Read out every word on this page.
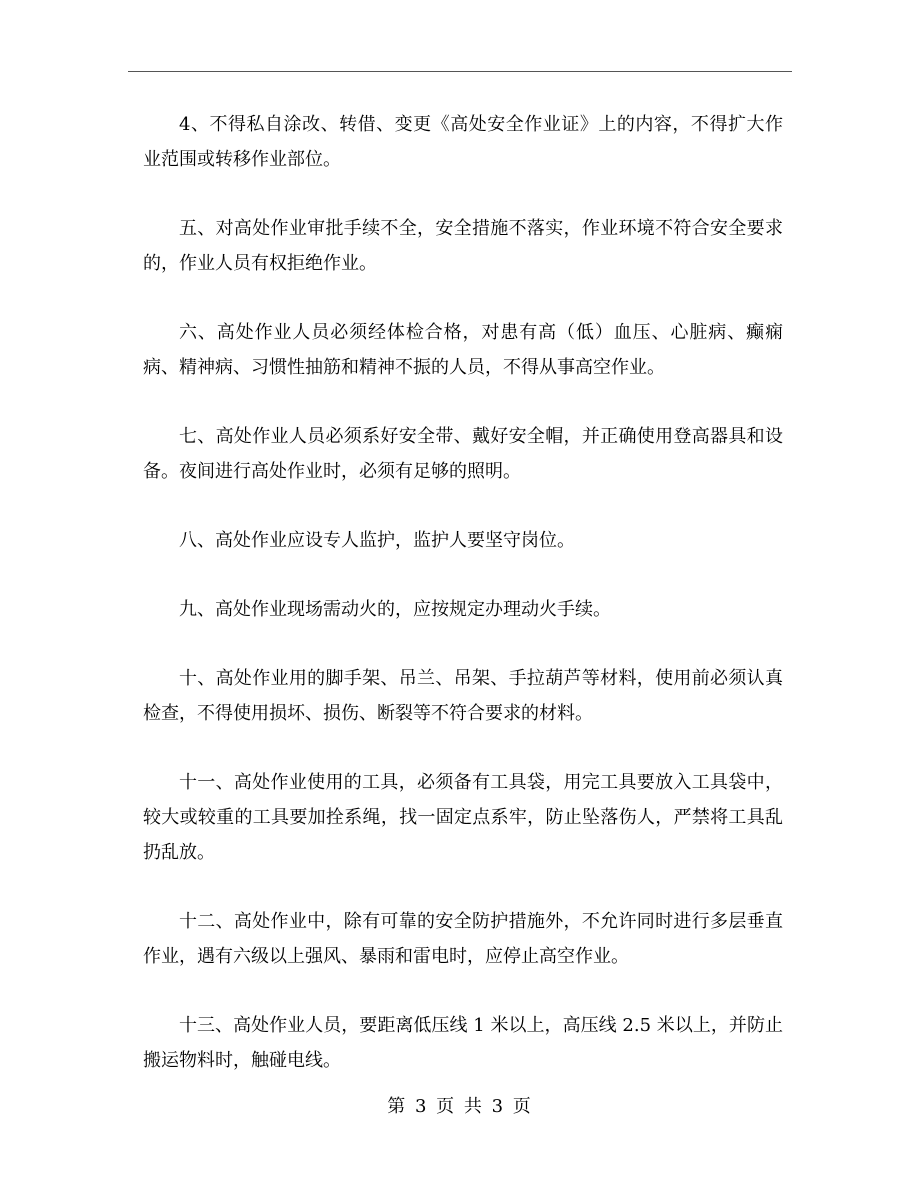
4、不得私自涂改、转借、变更《高处安全作业证》上的内容，不得扩大作业范围或转移作业部位。

五、对高处作业审批手续不全，安全措施不落实，作业环境不符合安全要求的，作业人员有权拒绝作业。

六、高处作业人员必须经体检合格，对患有高（低）血压、心脏病、癫痫病、精神病、习惯性抽筋和精神不振的人员，不得从事高空作业。

七、高处作业人员必须系好安全带、戴好安全帽，并正确使用登高器具和设备。夜间进行高处作业时，必须有足够的照明。

八、高处作业应设专人监护，监护人要坚守岗位。

九、高处作业现场需动火的，应按规定办理动火手续。

十、高处作业用的脚手架、吊兰、吊架、手拉葫芦等材料，使用前必须认真检查，不得使用损坏、损伤、断裂等不符合要求的材料。

十一、高处作业使用的工具，必须备有工具袋，用完工具要放入工具袋中，较大或较重的工具要加拴系绳，找一固定点系牢，防止坠落伤人，严禁将工具乱扔乱放。

十二、高处作业中，除有可靠的安全防护措施外，不允许同时进行多层垂直作业，遇有六级以上强风、暴雨和雷电时，应停止高空作业。

十三、高处作业人员，要距离低压线 1 米以上，高压线 2.5 米以上，并防止搬运物料时，触碰电线。

第 3 页 共 3 页
